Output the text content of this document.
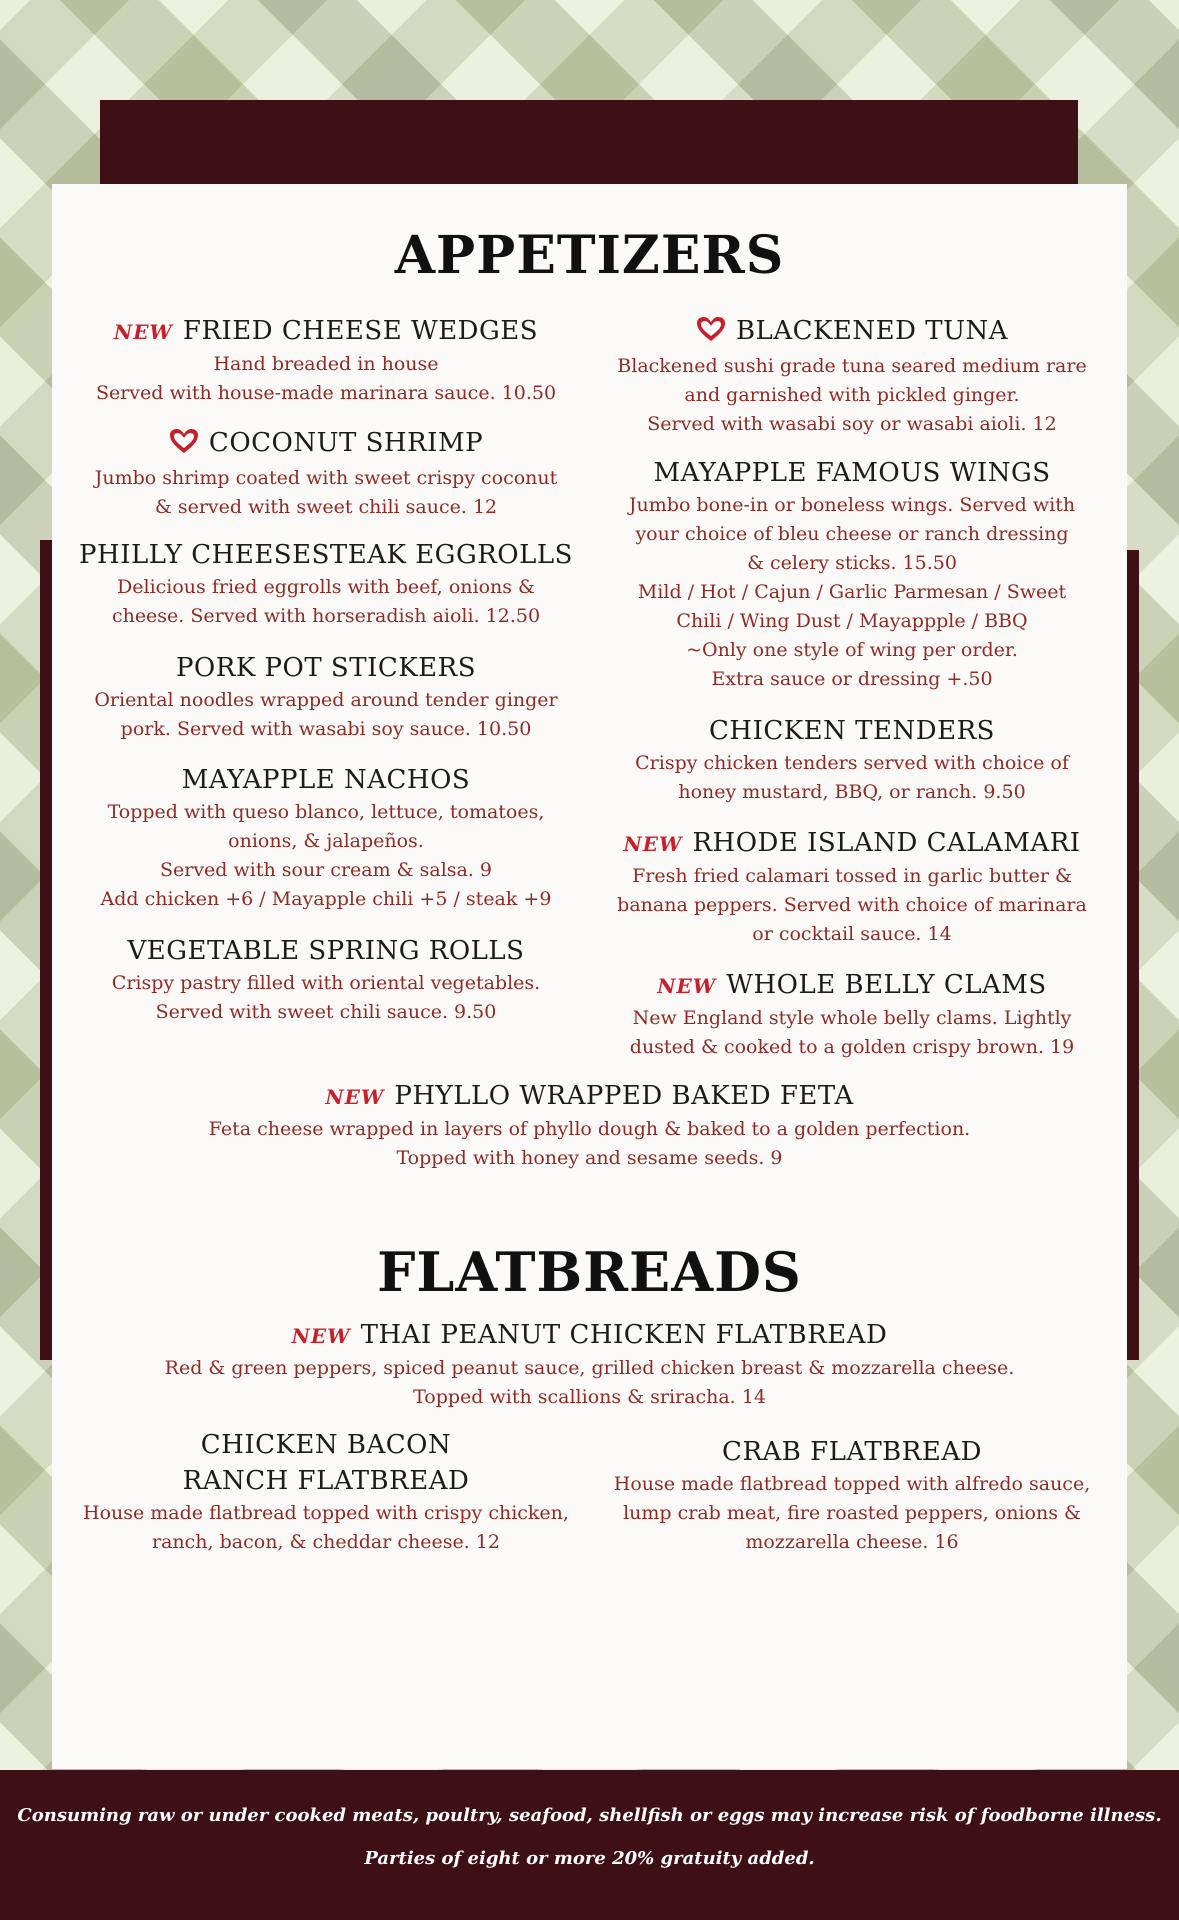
APPETIZERS
NEW FRIED CHEESE WEDGES
Hand breaded in house
Served with house-made marinara sauce. 10.50
COCONUT SHRIMP
Jumbo shrimp coated with sweet crispy coconut
& served with sweet chili sauce. 12
PHILLY CHEESESTEAK EGGROLLS
Delicious fried eggrolls with beef, onions &
cheese. Served with horseradish aioli. 12.50
PORK POT STICKERS
Oriental noodles wrapped around tender ginger
pork. Served with wasabi soy sauce. 10.50
MAYAPPLE NACHOS
Topped with queso blanco, lettuce, tomatoes,
onions, & jalapeños.
Served with sour cream & salsa. 9
Add chicken +6 / Mayapple chili +5 / steak +9
VEGETABLE SPRING ROLLS
Crispy pastry filled with oriental vegetables.
Served with sweet chili sauce. 9.50
BLACKENED TUNA
Blackened sushi grade tuna seared medium rare
and garnished with pickled ginger.
Served with wasabi soy or wasabi aioli. 12
MAYAPPLE FAMOUS WINGS
Jumbo bone-in or boneless wings. Served with
your choice of bleu cheese or ranch dressing
& celery sticks. 15.50
Mild / Hot / Cajun / Garlic Parmesan / Sweet
Chili / Wing Dust / Mayappple / BBQ
~Only one style of wing per order.
Extra sauce or dressing +.50
CHICKEN TENDERS
Crispy chicken tenders served with choice of
honey mustard, BBQ, or ranch. 9.50
NEW RHODE ISLAND CALAMARI
Fresh fried calamari tossed in garlic butter &
banana peppers. Served with choice of marinara
or cocktail sauce. 14
NEW WHOLE BELLY CLAMS
New England style whole belly clams. Lightly
dusted & cooked to a golden crispy brown. 19
NEW PHYLLO WRAPPED BAKED FETA
Feta cheese wrapped in layers of phyllo dough & baked to a golden perfection.
Topped with honey and sesame seeds. 9
FLATBREADS
NEW THAI PEANUT CHICKEN FLATBREAD
Red & green peppers, spiced peanut sauce, grilled chicken breast & mozzarella cheese.
Topped with scallions & sriracha. 14
CHICKEN BACON
RANCH FLATBREAD
House made flatbread topped with crispy chicken,
ranch, bacon, & cheddar cheese. 12
CRAB FLATBREAD
House made flatbread topped with alfredo sauce,
lump crab meat, fire roasted peppers, onions &
mozzarella cheese. 16
Consuming raw or under cooked meats, poultry, seafood, shellfish or eggs may increase risk of foodborne illness.
Parties of eight or more 20% gratuity added.
